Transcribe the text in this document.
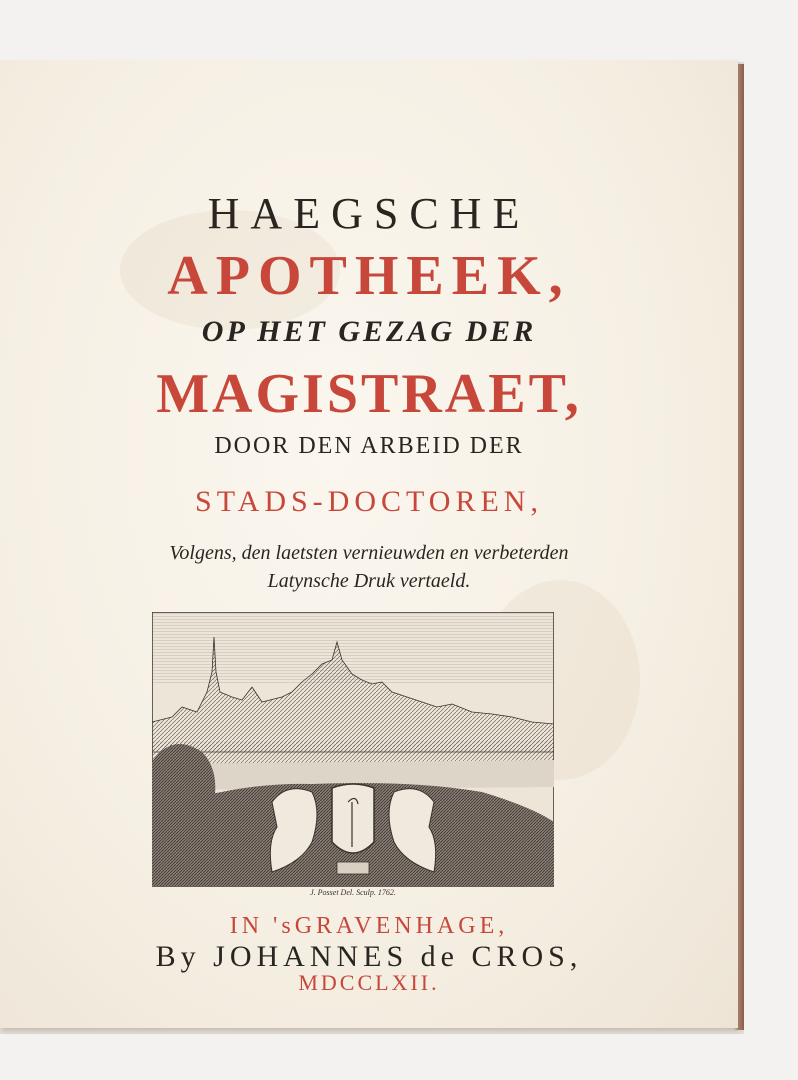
HAEGSCHE
APOTHEEK,
OP HET GEZAG DER
MAGISTRAET,
DOOR DEN ARBEID DER
STADS-DOCTOREN,
Volgens, den laetsten vernieuwden en verbeterden
Latynsche Druk vertaeld.
J. Posset Del. Sculp. 1762.
IN 'sGRAVENHAGE,
By JOHANNES de CROS,
MDCCLXII.
